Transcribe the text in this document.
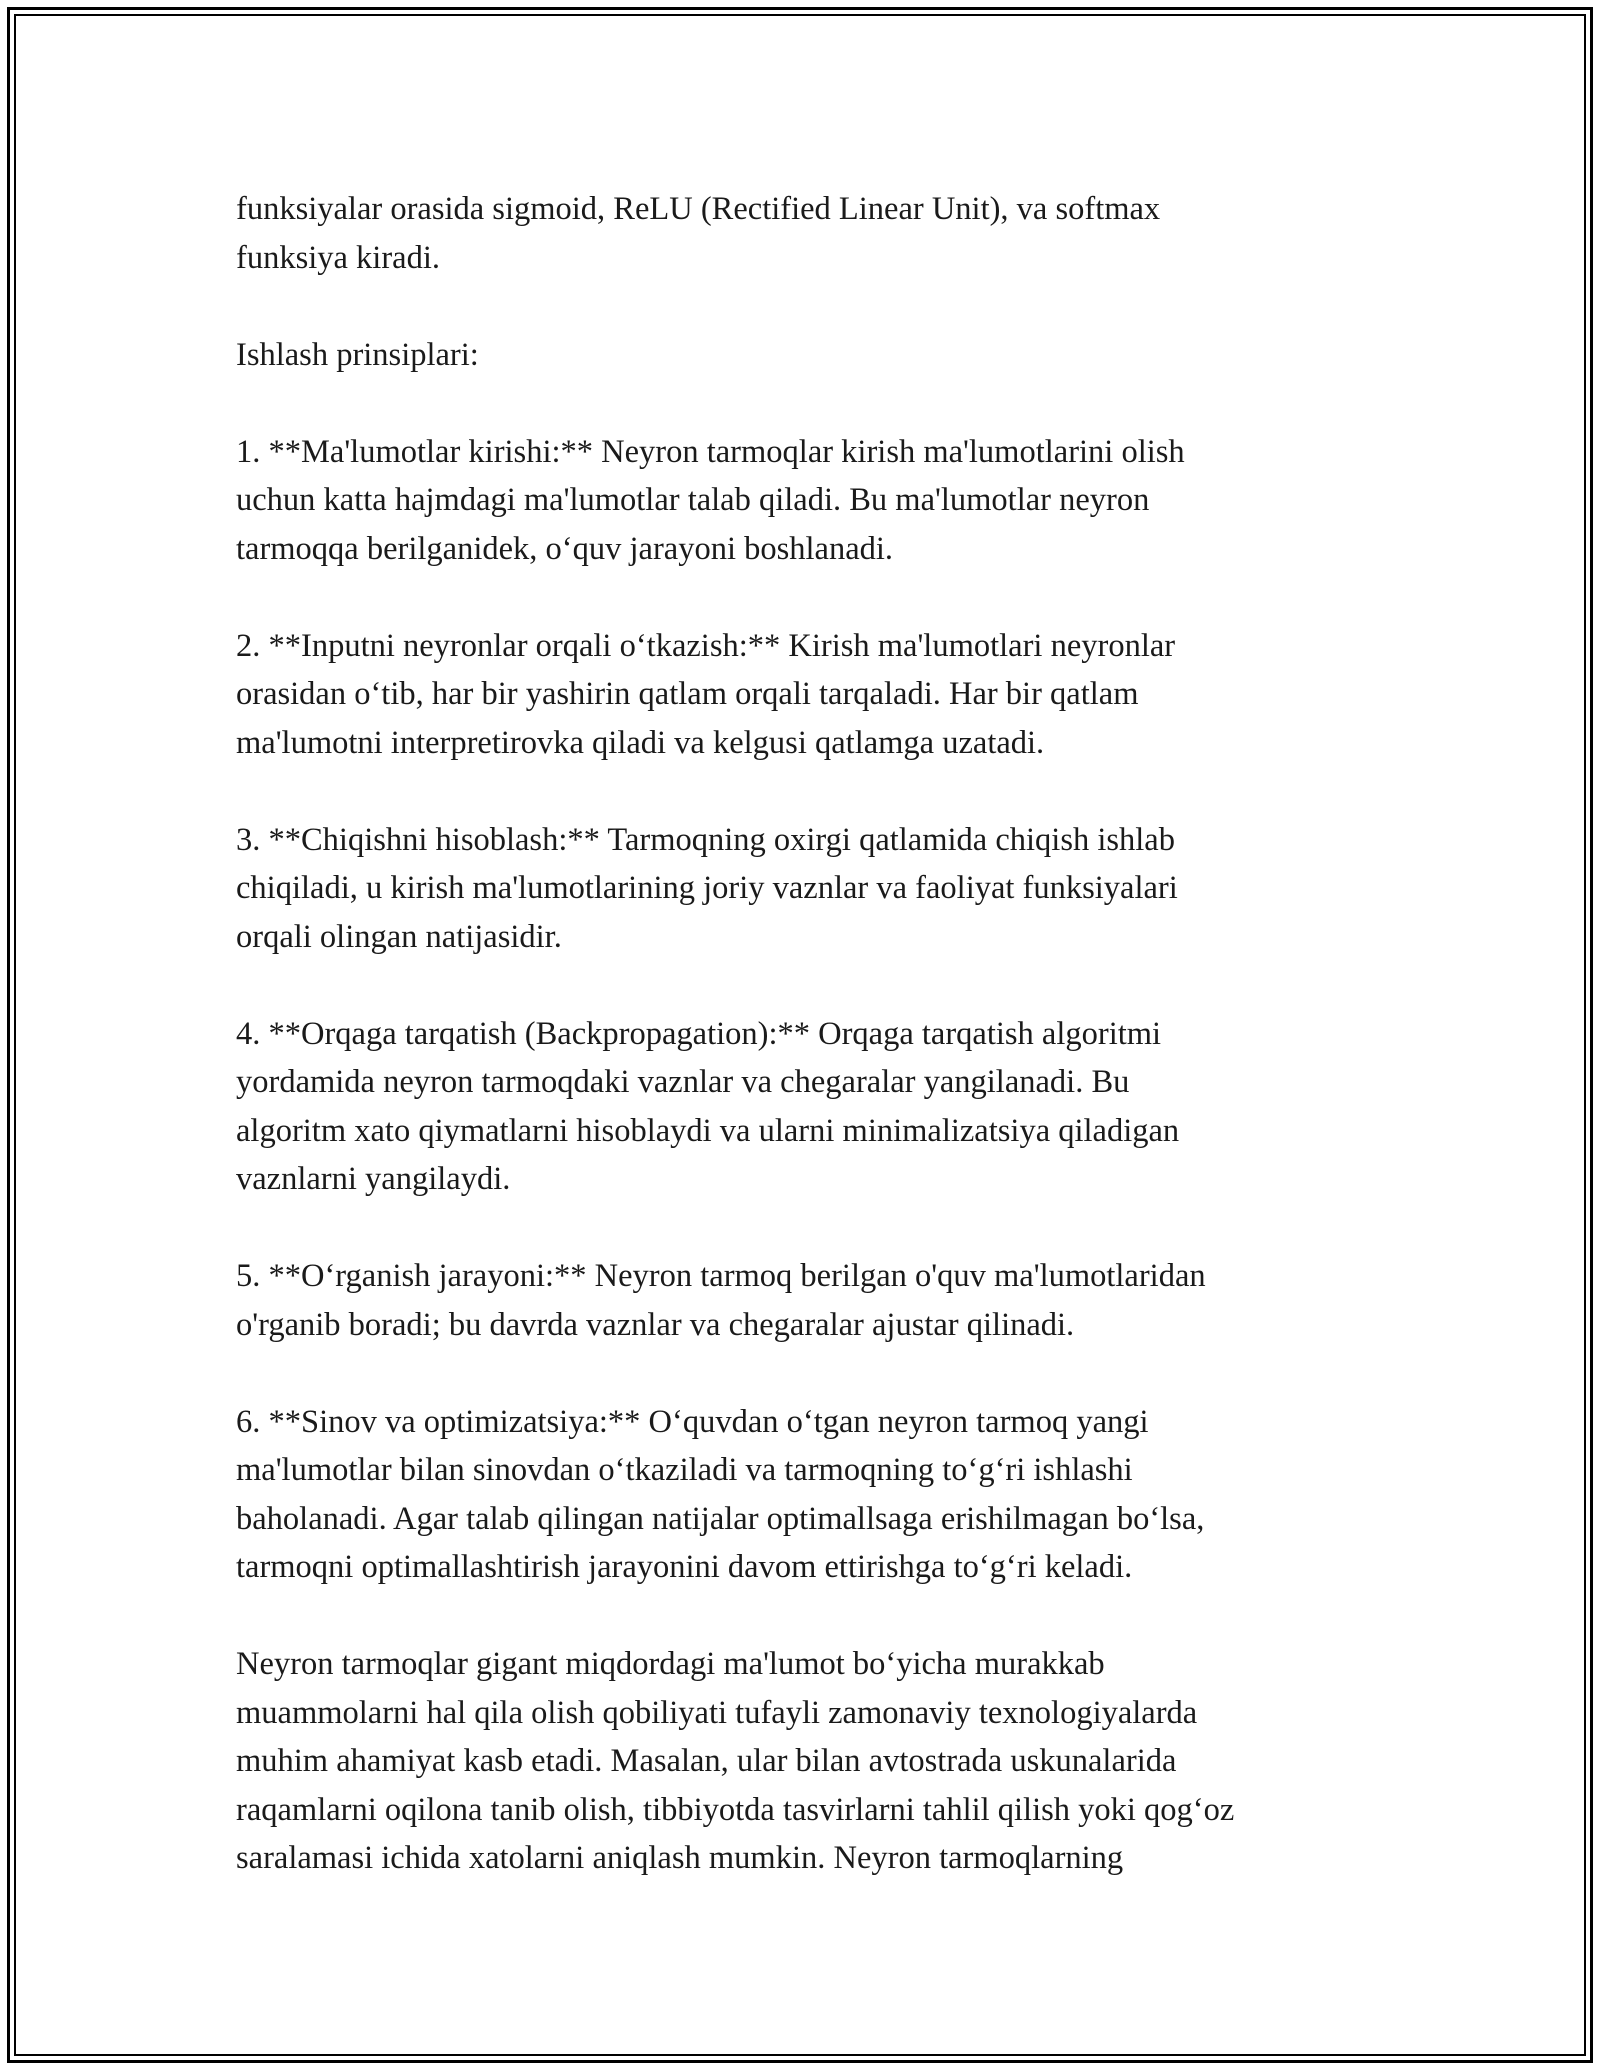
funksiyalar orasida sigmoid, ReLU (Rectified Linear Unit), va softmax
funksiya kiradi.

Ishlash prinsiplari:

1. **Ma'lumotlar kirishi:** Neyron tarmoqlar kirish ma'lumotlarini olish
uchun katta hajmdagi ma'lumotlar talab qiladi. Bu ma'lumotlar neyron
tarmoqqa berilganidek, o‘quv jarayoni boshlanadi.

2. **Inputni neyronlar orqali o‘tkazish:** Kirish ma'lumotlari neyronlar
orasidan o‘tib, har bir yashirin qatlam orqali tarqaladi. Har bir qatlam
ma'lumotni interpretirovka qiladi va kelgusi qatlamga uzatadi.

3. **Chiqishni hisoblash:** Tarmoqning oxirgi qatlamida chiqish ishlab
chiqiladi, u kirish ma'lumotlarining joriy vaznlar va faoliyat funksiyalari
orqali olingan natijasidir.

4. **Orqaga tarqatish (Backpropagation):** Orqaga tarqatish algoritmi
yordamida neyron tarmoqdaki vaznlar va chegaralar yangilanadi. Bu
algoritm xato qiymatlarni hisoblaydi va ularni minimalizatsiya qiladigan
vaznlarni yangilaydi.

5. **O‘rganish jarayoni:** Neyron tarmoq berilgan o'quv ma'lumotlaridan
o'rganib boradi; bu davrda vaznlar va chegaralar ajustar qilinadi.

6. **Sinov va optimizatsiya:** O‘quvdan o‘tgan neyron tarmoq yangi
ma'lumotlar bilan sinovdan o‘tkaziladi va tarmoqning to‘g‘ri ishlashi
baholanadi. Agar talab qilingan natijalar optimallsaga erishilmagan bo‘lsa,
tarmoqni optimallashtirish jarayonini davom ettirishga to‘g‘ri keladi.

Neyron tarmoqlar gigant miqdordagi ma'lumot bo‘yicha murakkab
muammolarni hal qila olish qobiliyati tufayli zamonaviy texnologiyalarda
muhim ahamiyat kasb etadi. Masalan, ular bilan avtostrada uskunalarida
raqamlarni oqilona tanib olish, tibbiyotda tasvirlarni tahlil qilish yoki qog‘oz
saralamasi ichida xatolarni aniqlash mumkin. Neyron tarmoqlarning
